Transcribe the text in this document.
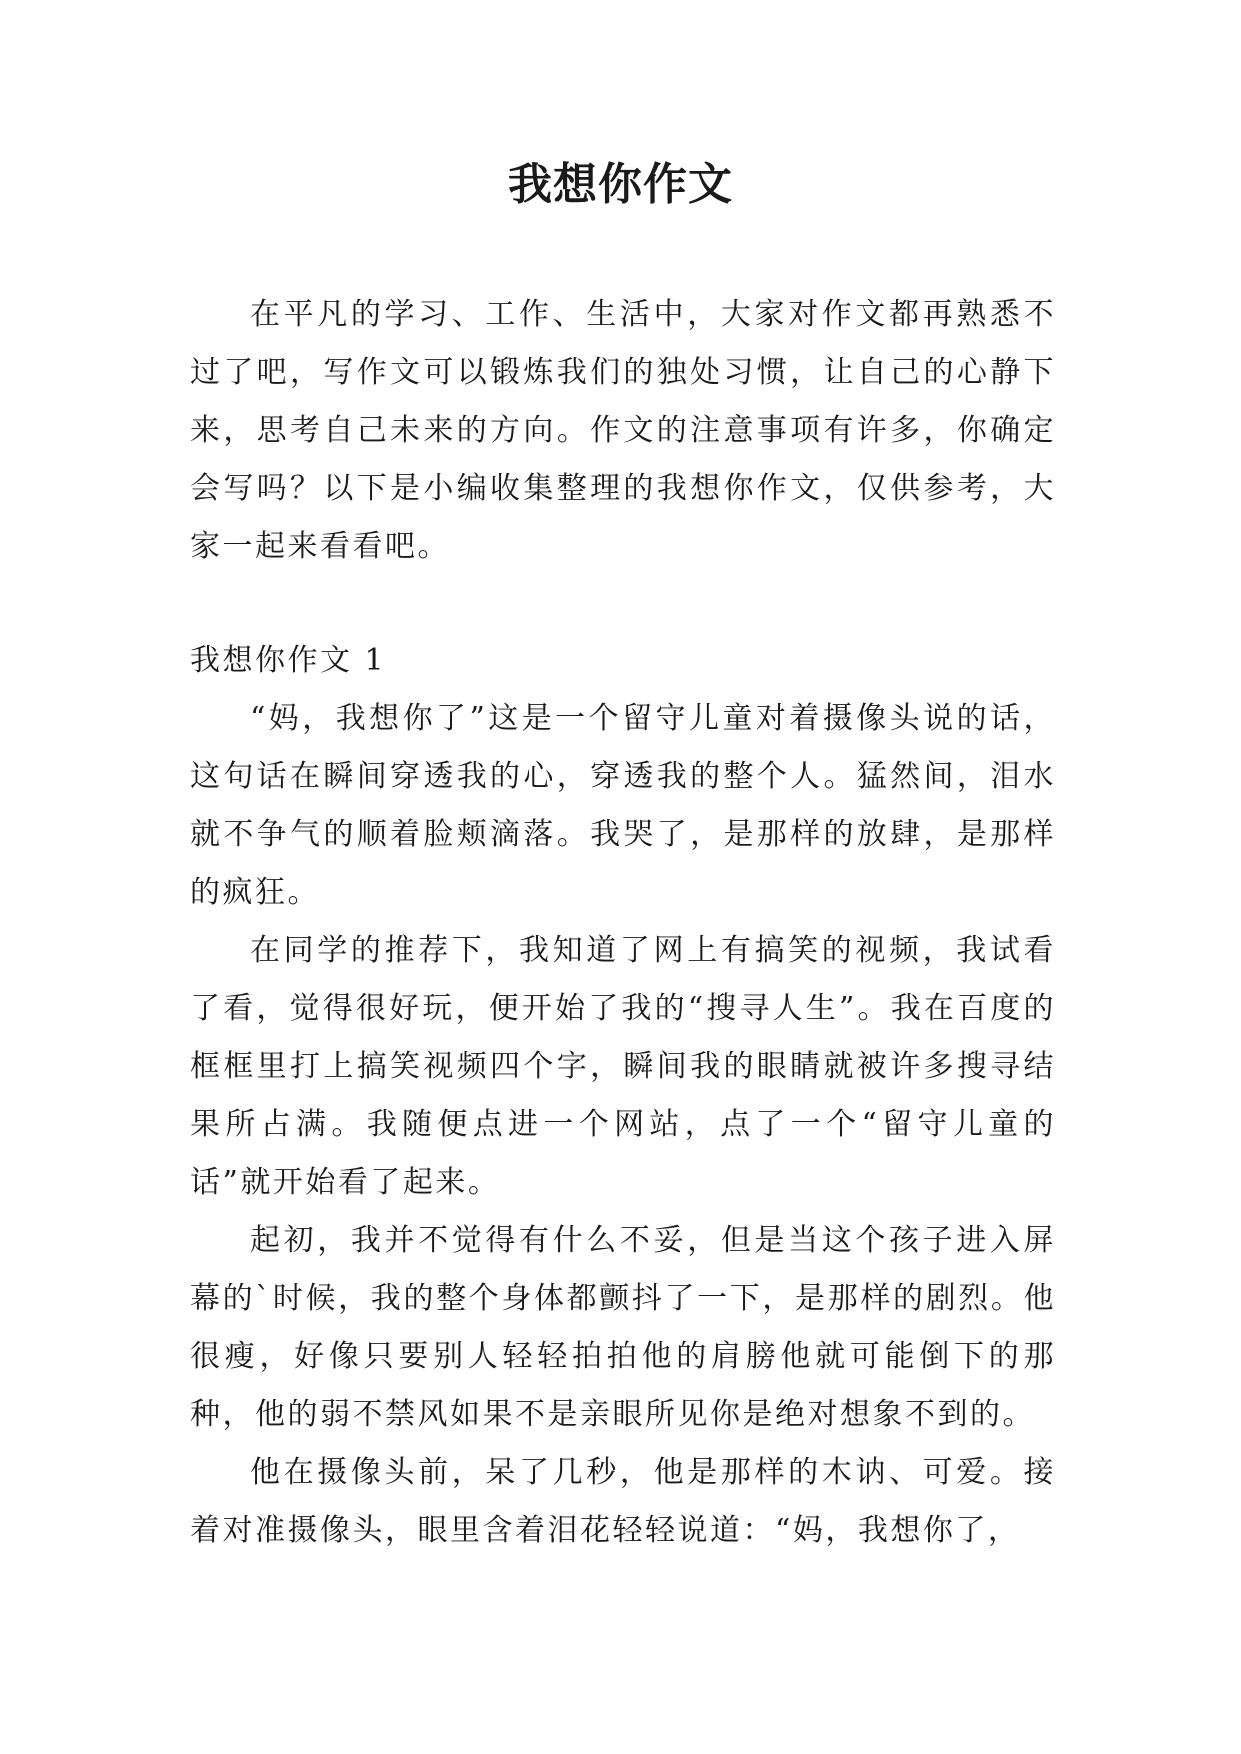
我想你作文

在平凡的学习、工作、生活中，大家对作文都再熟悉不过了吧，写作文可以锻炼我们的独处习惯，让自己的心静下来，思考自己未来的方向。作文的注意事项有许多，你确定会写吗？以下是小编收集整理的我想你作文，仅供参考，大家一起来看看吧。

我想你作文 1

“妈，我想你了”这是一个留守儿童对着摄像头说的话，这句话在瞬间穿透我的心，穿透我的整个人。猛然间，泪水就不争气的顺着脸颊滴落。我哭了，是那样的放肆，是那样的疯狂。

在同学的推荐下，我知道了网上有搞笑的视频，我试看了看，觉得很好玩，便开始了我的“搜寻人生”。我在百度的框框里打上搞笑视频四个字，瞬间我的眼睛就被许多搜寻结果所占满。我随便点进一个网站，点了一个“留守儿童的话”就开始看了起来。

起初，我并不觉得有什么不妥，但是当这个孩子进入屏幕的`时候，我的整个身体都颤抖了一下，是那样的剧烈。他很瘦，好像只要别人轻轻拍拍他的肩膀他就可能倒下的那种，他的弱不禁风如果不是亲眼所见你是绝对想象不到的。

他在摄像头前，呆了几秒，他是那样的木讷、可爱。接着对准摄像头，眼里含着泪花轻轻说道：“妈，我想你了，
